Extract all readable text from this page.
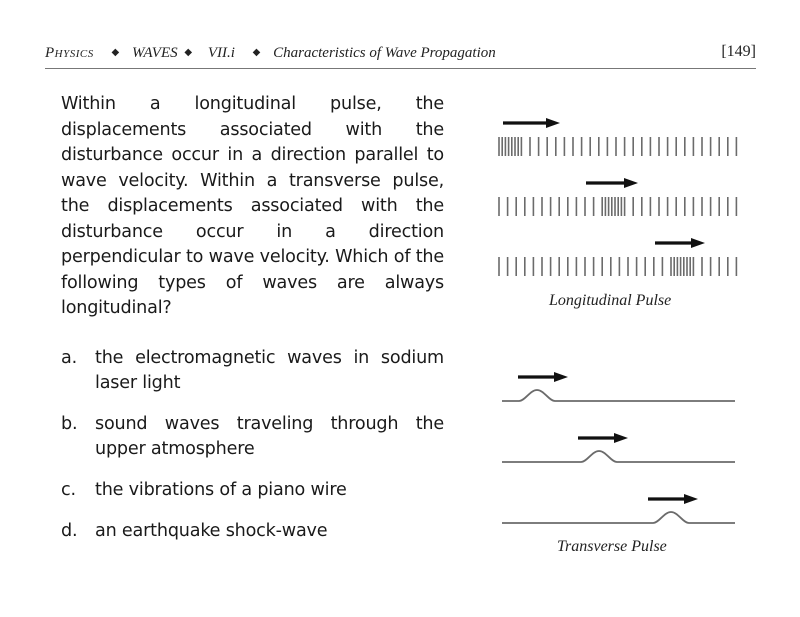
Physics ◆ WAVES ◆ VII.i ◆ Characteristics of Wave Propagation	[149]
Within a longitudinal pulse, the displacements associated with the disturbance occur in a direction parallel to wave velocity. Within a transverse pulse, the displacements associated with the disturbance occur in a direction perpendicular to wave velocity. Which of the following types of waves are always longitudinal?
a. the electromagnetic waves in sodium laser light
b. sound waves traveling through the upper atmosphere
c. the vibrations of a piano wire
d. an earthquake shock-wave
Longitudinal Pulse
Transverse Pulse
